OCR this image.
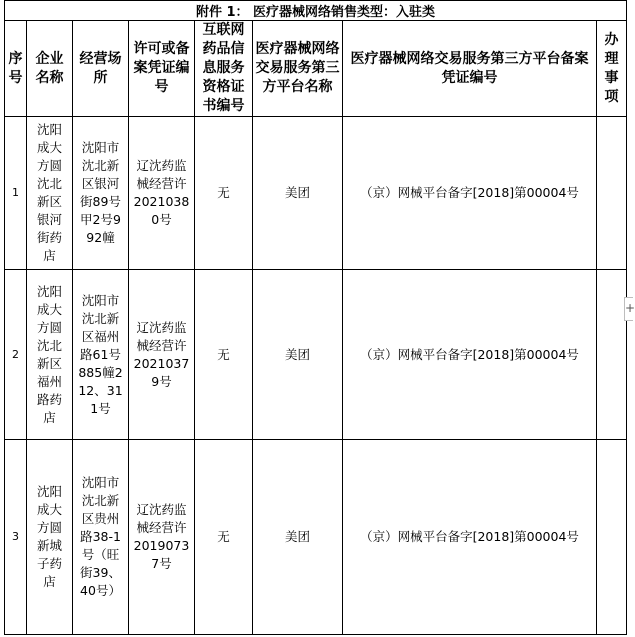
附件 1： 医疗器械网络销售类型：入驻类							

序号	企业名称	经营场所	许可或备案凭证编号	互联网药品信息服务资格证书编号	医疗器械网络交易服务第三方平台名称	医疗器械网络交易服务第三方平台备案凭证编号	办理事项

1	沈阳成大方圆沈北新区银河街药店	沈阳市沈北新区银河街89号甲2号992幢	辽沈药监械经营许20210380号	无	美团	（京）网械平台备字[2018]第00004号	
2	沈阳成大方圆沈北新区福州路药店	沈阳市沈北新区福州路61号885幢212、311号	辽沈药监械经营许20210379号	无	美团	（京）网械平台备字[2018]第00004号	
3	沈阳成大方圆新城子药店	沈阳市沈北新区贵州路38-1号（旺街39、40号）	辽沈药监械经营许20190737号	无	美团	（京）网械平台备字[2018]第00004号	
+
